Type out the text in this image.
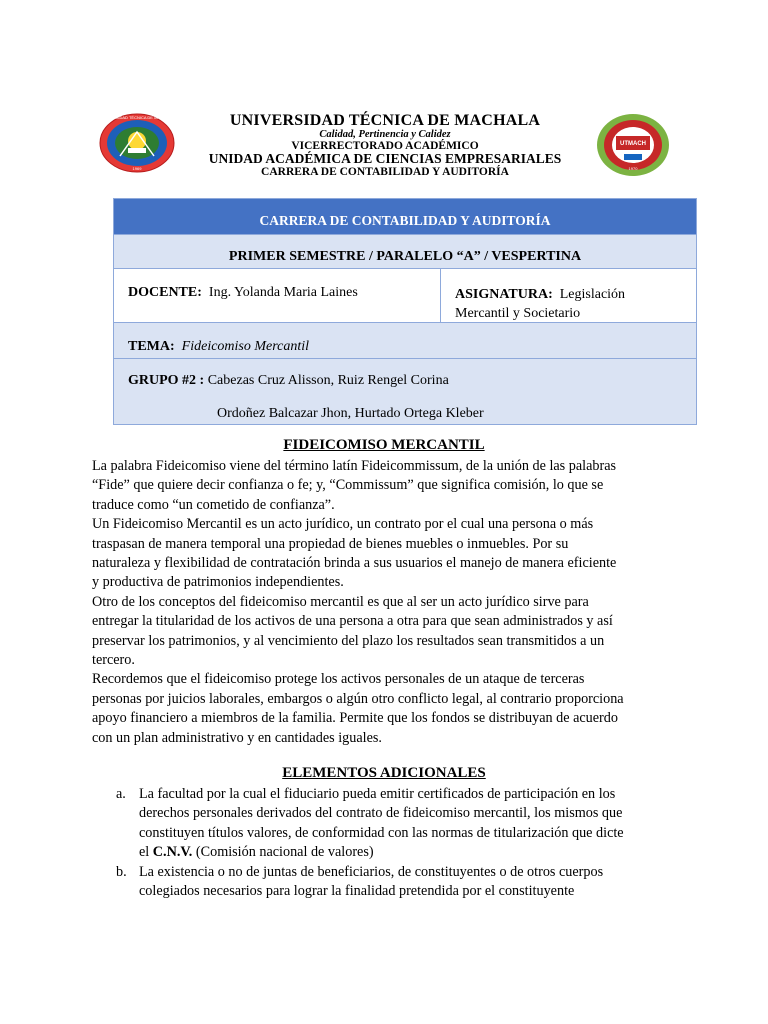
UNIVERSIDAD TÉCNICA DE MACHALA
1969
UNIVERSIDAD TÉCNICA DE MACHALA
Calidad, Pertinencia y Calidez
VICERRECTORADO ACADÉMICO
UNIDAD ACADÉMICA DE CIENCIAS EMPRESARIALES
CARRERA DE CONTABILIDAD Y AUDITORÍA
UTMACH
1970
CARRERA DE CONTABILIDAD Y AUDITORÍA
PRIMER SEMESTRE / PARALELO “A” / VESPERTINA
DOCENTE: Ing. Yolanda Maria Laines	ASIGNATURA: Legislación
Mercantil y Societario
TEMA: Fideicomiso Mercantil
GRUPO #2 : Cabezas Cruz Alisson, Ruiz Rengel Corina
Ordoñez Balcazar Jhon, Hurtado Ortega Kleber
FIDEICOMISO MERCANTIL

La palabra Fideicomiso viene del término latín Fideicommissum, de la unión de las palabras

“Fide” que quiere decir confianza o fe; y, “Commissum” que significa comisión, lo que se

traduce como “un cometido de confianza”.

Un Fideicomiso Mercantil es un acto jurídico, un contrato por el cual una persona o más

traspasan de manera temporal una propiedad de bienes muebles o inmuebles. Por su

naturaleza y flexibilidad de contratación brinda a sus usuarios el manejo de manera eficiente

y productiva de patrimonios independientes.

Otro de los conceptos del fideicomiso mercantil es que al ser un acto jurídico sirve para

entregar la titularidad de los activos de una persona a otra para que sean administrados y así

preservar los patrimonios, y al vencimiento del plazo los resultados sean transmitidos a un

tercero.

Recordemos que el fideicomiso protege los activos personales de un ataque de terceras

personas por juicios laborales, embargos o algún otro conflicto legal, al contrario proporciona

apoyo financiero a miembros de la familia. Permite que los fondos se distribuyan de acuerdo

con un plan administrativo y en cantidades iguales.

ELEMENTOS ADICIONALES
a. La facultad por la cual el fiduciario pueda emitir certificados de participación en los
derechos personales derivados del contrato de fideicomiso mercantil, los mismos que
constituyen títulos valores, de conformidad con las normas de titularización que dicte
el C.N.V. (Comisión nacional de valores)
b. La existencia o no de juntas de beneficiarios, de constituyentes o de otros cuerpos
colegiados necesarios para lograr la finalidad pretendida por el constituyente
